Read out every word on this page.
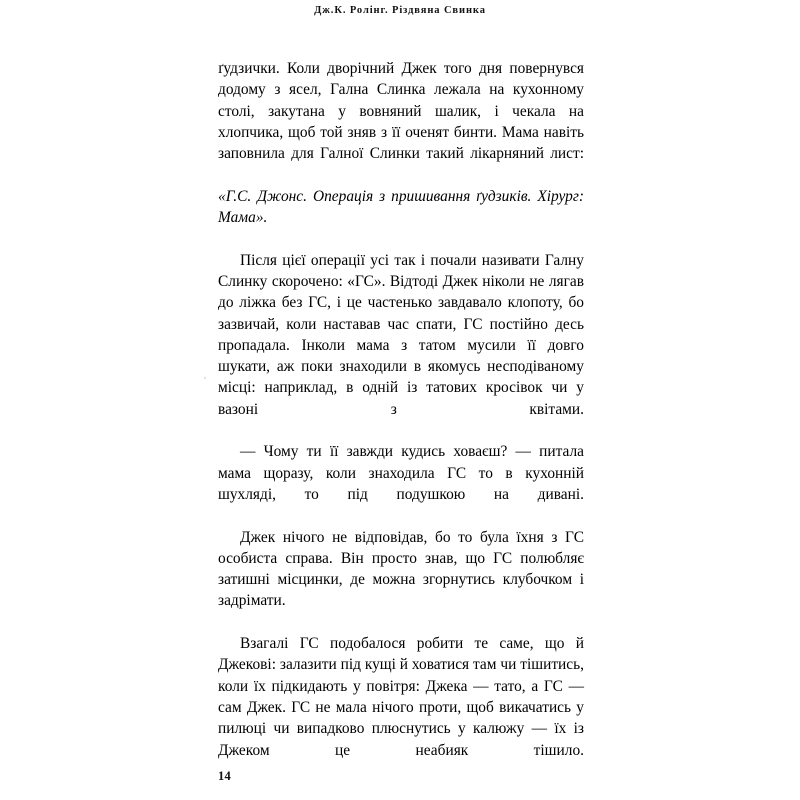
Дж.К. Ролінг. Різдвяна Свинка

ґудзички. Коли дворічний Джек того дня повернувся додому з ясел, Гална Слинка лежала на кухонному столі, закутана у вовняний шалик, і чекала на хлопчика, щоб той зняв з її оченят бинти. Мама навіть заповнила для Галної Слинки такий лікарняний лист:

«Г.С. Джонс. Операція з пришивання ґудзиків. Хірург: Мама».

Після цієї операції усі так і почали називати Галну Слинку скорочено: «ГС». Відтоді Джек ніколи не лягав до ліжка без ГС, і це частенько завдавало клопоту, бо зазвичай, коли наставав час спати, ГС постійно десь пропадала. Інколи мама з татом мусили її довго шукати, аж поки знаходили в якомусь несподіваному місці: наприклад, в одній із татових кросівок чи у вазоні з квітами.

— Чому ти її завжди кудись ховаєш? — питала мама щоразу, коли знаходила ГС то в кухонній шухляді, то під подушкою на дивані.

Джек нічого не відповідав, бо то була їхня з ГС особиста справа. Він просто знав, що ГС полюбляє затишні місцинки, де можна згорнутись клубочком і задрімати.

Взагалі ГС подобалося робити те саме, що й Джекові: залазити під кущі й ховатися там чи тішитись, коли їх підкидають у повітря: Джека — тато, а ГС — сам Джек. ГС не мала нічого проти, щоб викачатись у пилюці чи випадково плюснутись у калюжу — їх із Джеком це неабияк тішило.

14
